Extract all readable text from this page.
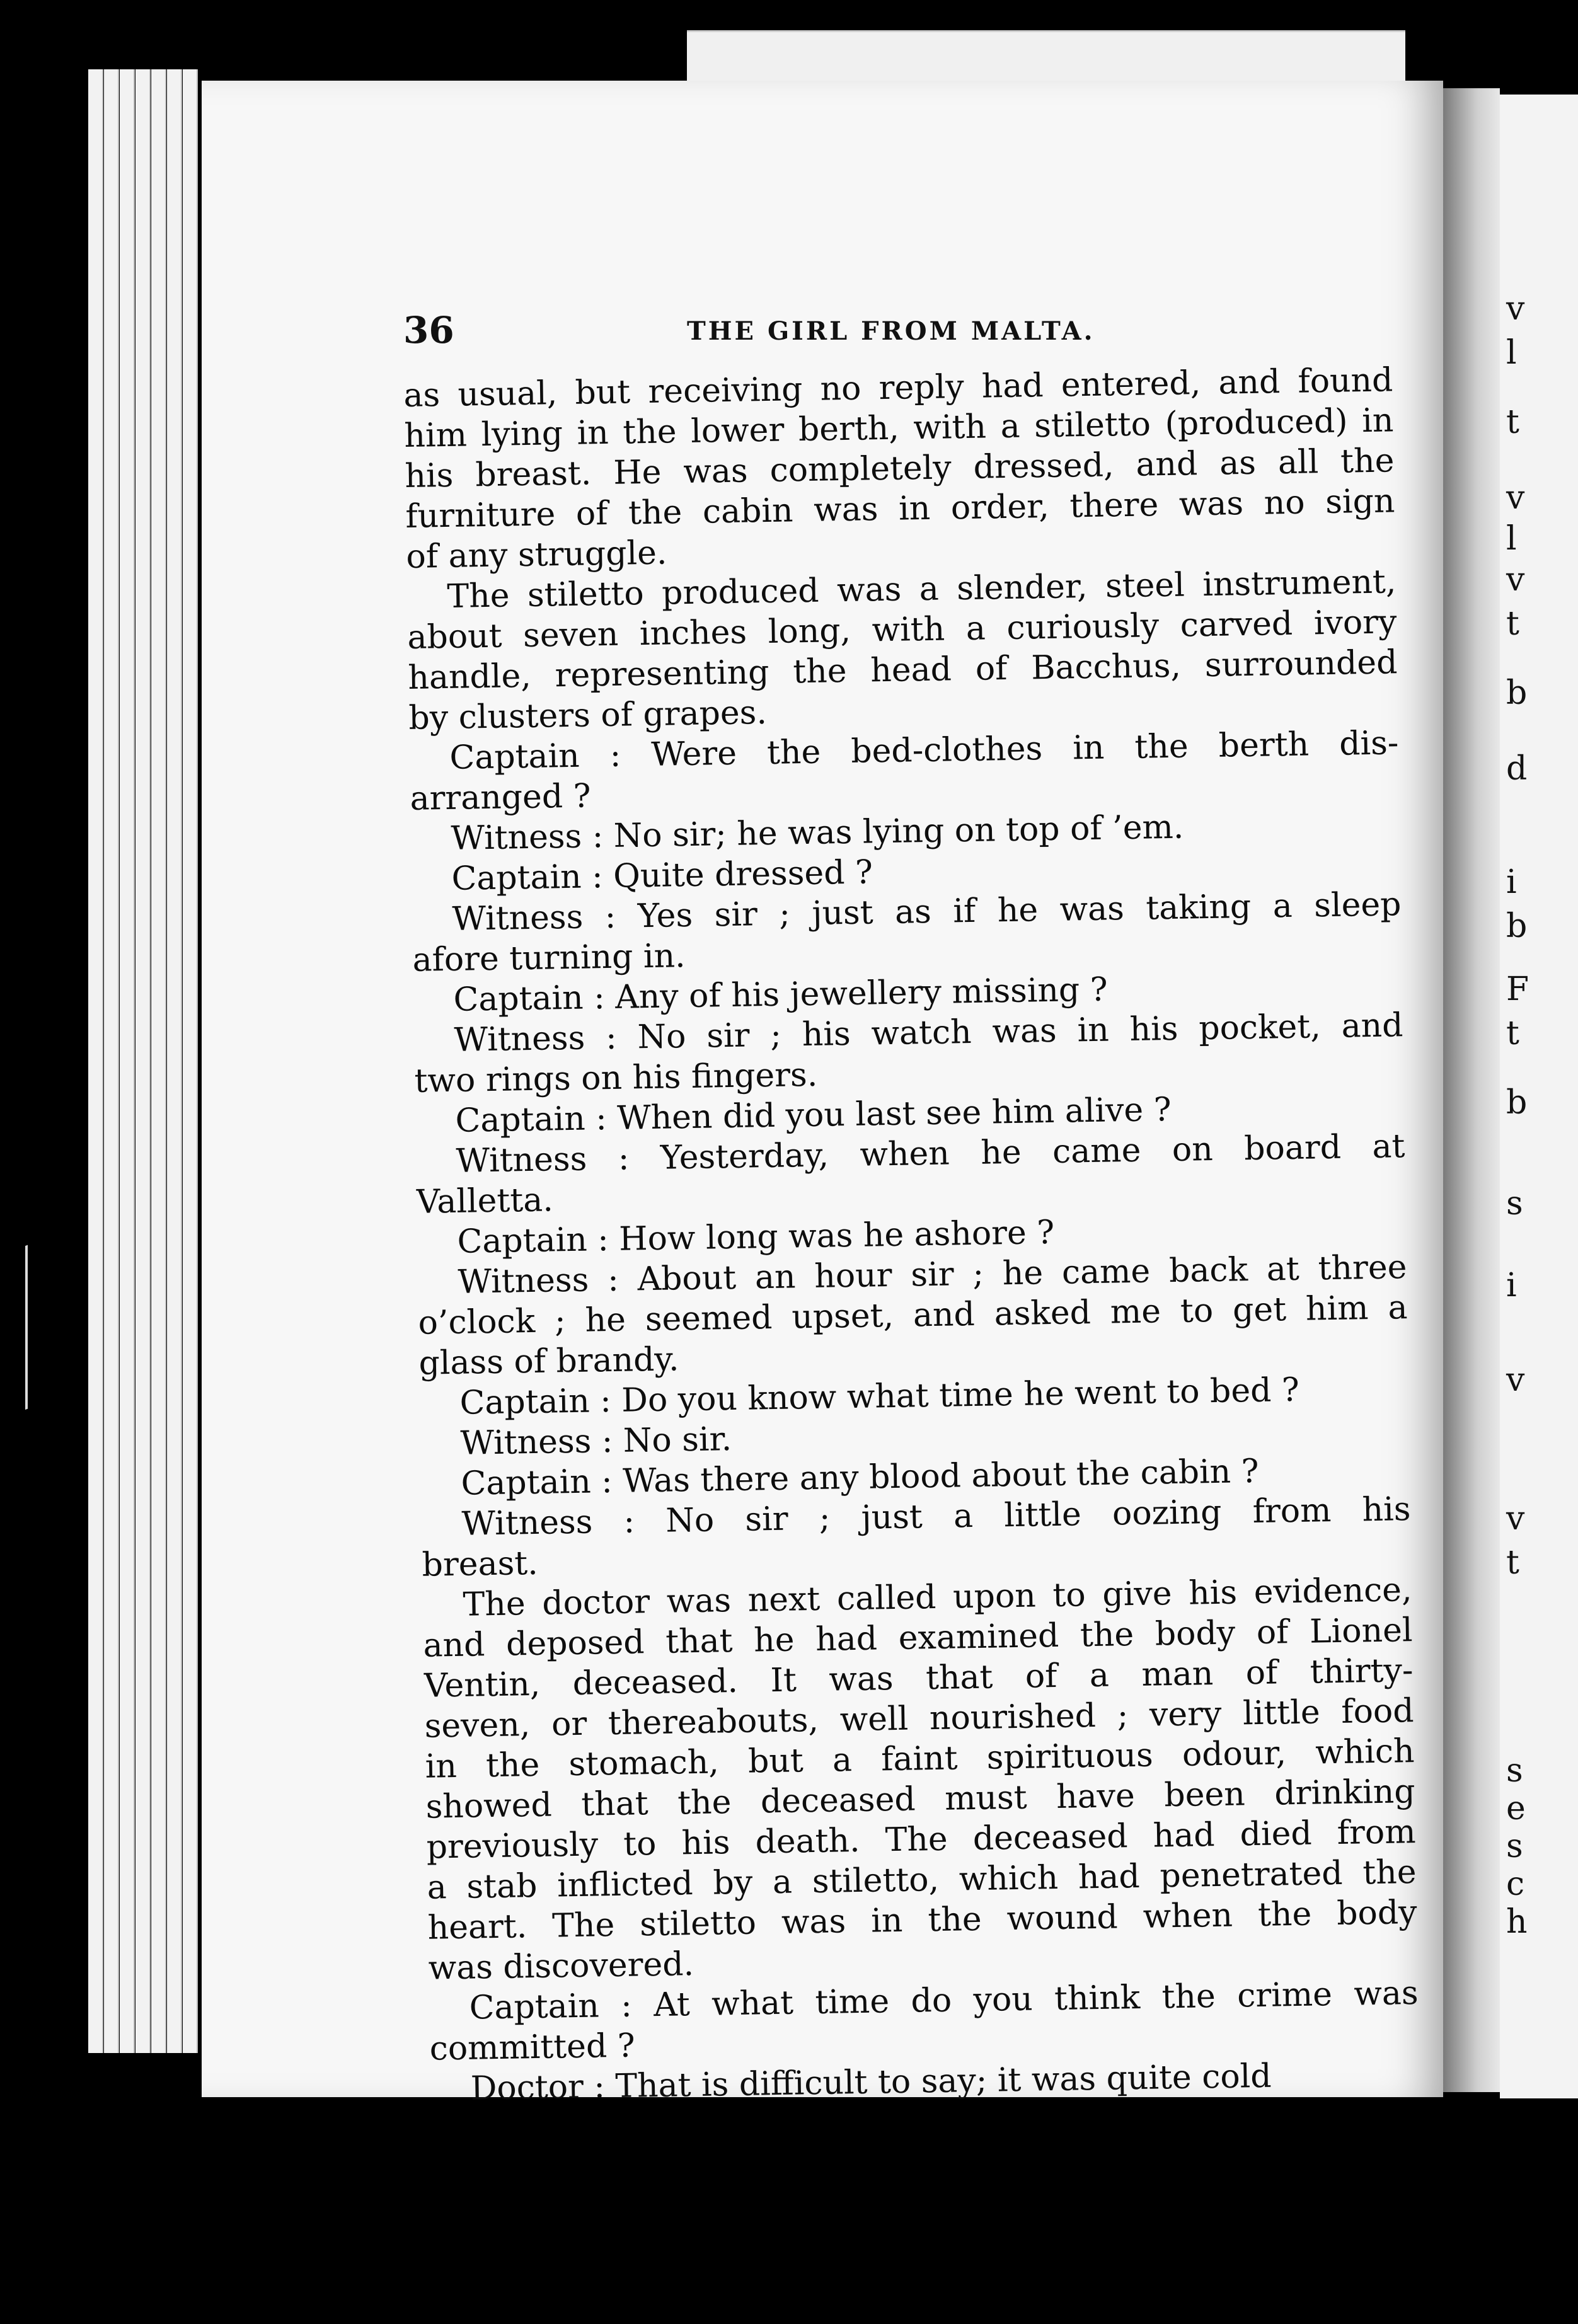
v
l
t
v
l
v
t
b
d
i
b
F
t
b
s
i
v
v
t
s
e
s
c
h
36	THE GIRL FROM MALTA.
as usual, but receiving no reply had entered, and found
him lying in the lower berth, with a stiletto (produced) in
his breast. He was completely dressed, and as all the
furniture of the cabin was in order, there was no sign
of any struggle.
The stiletto produced was a slender, steel instrument,
about seven inches long, with a curiously carved ivory
handle, representing the head of Bacchus, surrounded
by clusters of grapes.
Captain : Were the bed-clothes in the berth dis-
arranged ?
Witness : No sir; he was lying on top of ’em.
Captain : Quite dressed ?
Witness : Yes sir ; just as if he was taking a sleep
afore turning in.
Captain : Any of his jewellery missing ?
Witness : No sir ; his watch was in his pocket, and
two rings on his fingers.
Captain : When did you last see him alive ?
Witness : Yesterday, when he came on board at
Valletta.
Captain : How long was he ashore ?
Witness : About an hour sir ; he came back at three
o’clock ; he seemed upset, and asked me to get him a
glass of brandy.
Captain : Do you know what time he went to bed ?
Witness : No sir.
Captain : Was there any blood about the cabin ?
Witness : No sir ; just a little oozing from his
breast.
The doctor was next called upon to give his evidence,
and deposed that he had examined the body of Lionel
Ventin, deceased. It was that of a man of thirty-
seven, or thereabouts, well nourished ; very little food
in the stomach, but a faint spirituous odour, which
showed that the deceased must have been drinking
previously to his death. The deceased had died from
a stab inflicted by a stiletto, which had penetrated the
heart. The stiletto was in the wound when the body
was discovered.
Captain : At what time do you think the crime was
committed ?
Doctor : That is difficult to say; it was quite cold
